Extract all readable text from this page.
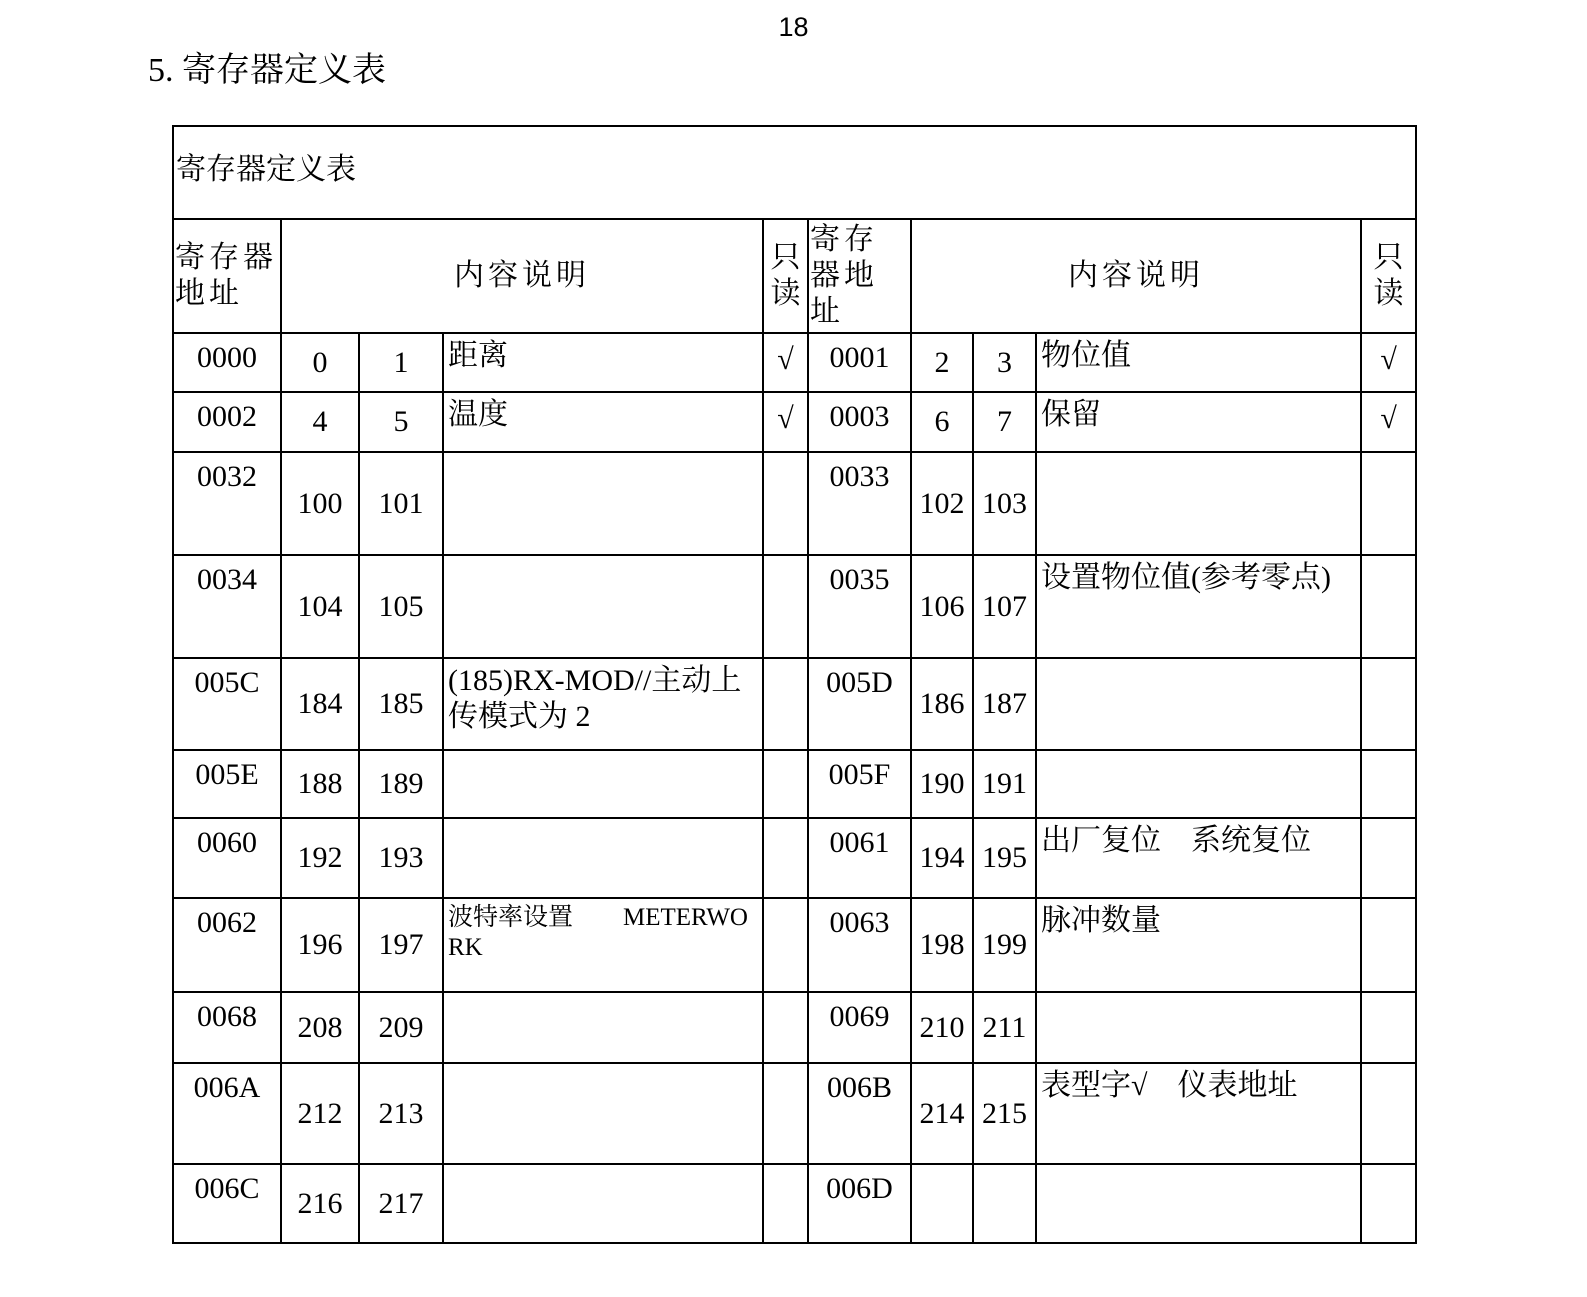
18
5. 寄存器定义表
寄存器定义表									
寄存器地址	内容说明			只读	寄存器地址	内容说明			只读
0000	0	1	距离	√	0001	2	3	物位值	√
0002	4	5	温度	√	0003	6	7	保留	√
0032	100	101			0033	102	103		
0034	104	105			0035	106	107	设置物位值(参考零点)	
005C	184	185	(185)RX-MOD//主动上传模式为 2		005D	186	187		
005E	188	189			005F	190	191		
0060	192	193			0061	194	195	出厂复位　系统复位	
0062	196	197	波特率设置　　METERWORK		0063	198	199	脉冲数量	
0068	208	209			0069	210	211		
006A	212	213			006B	214	215	表型字√　仪表地址	
006C	216	217			006D				
